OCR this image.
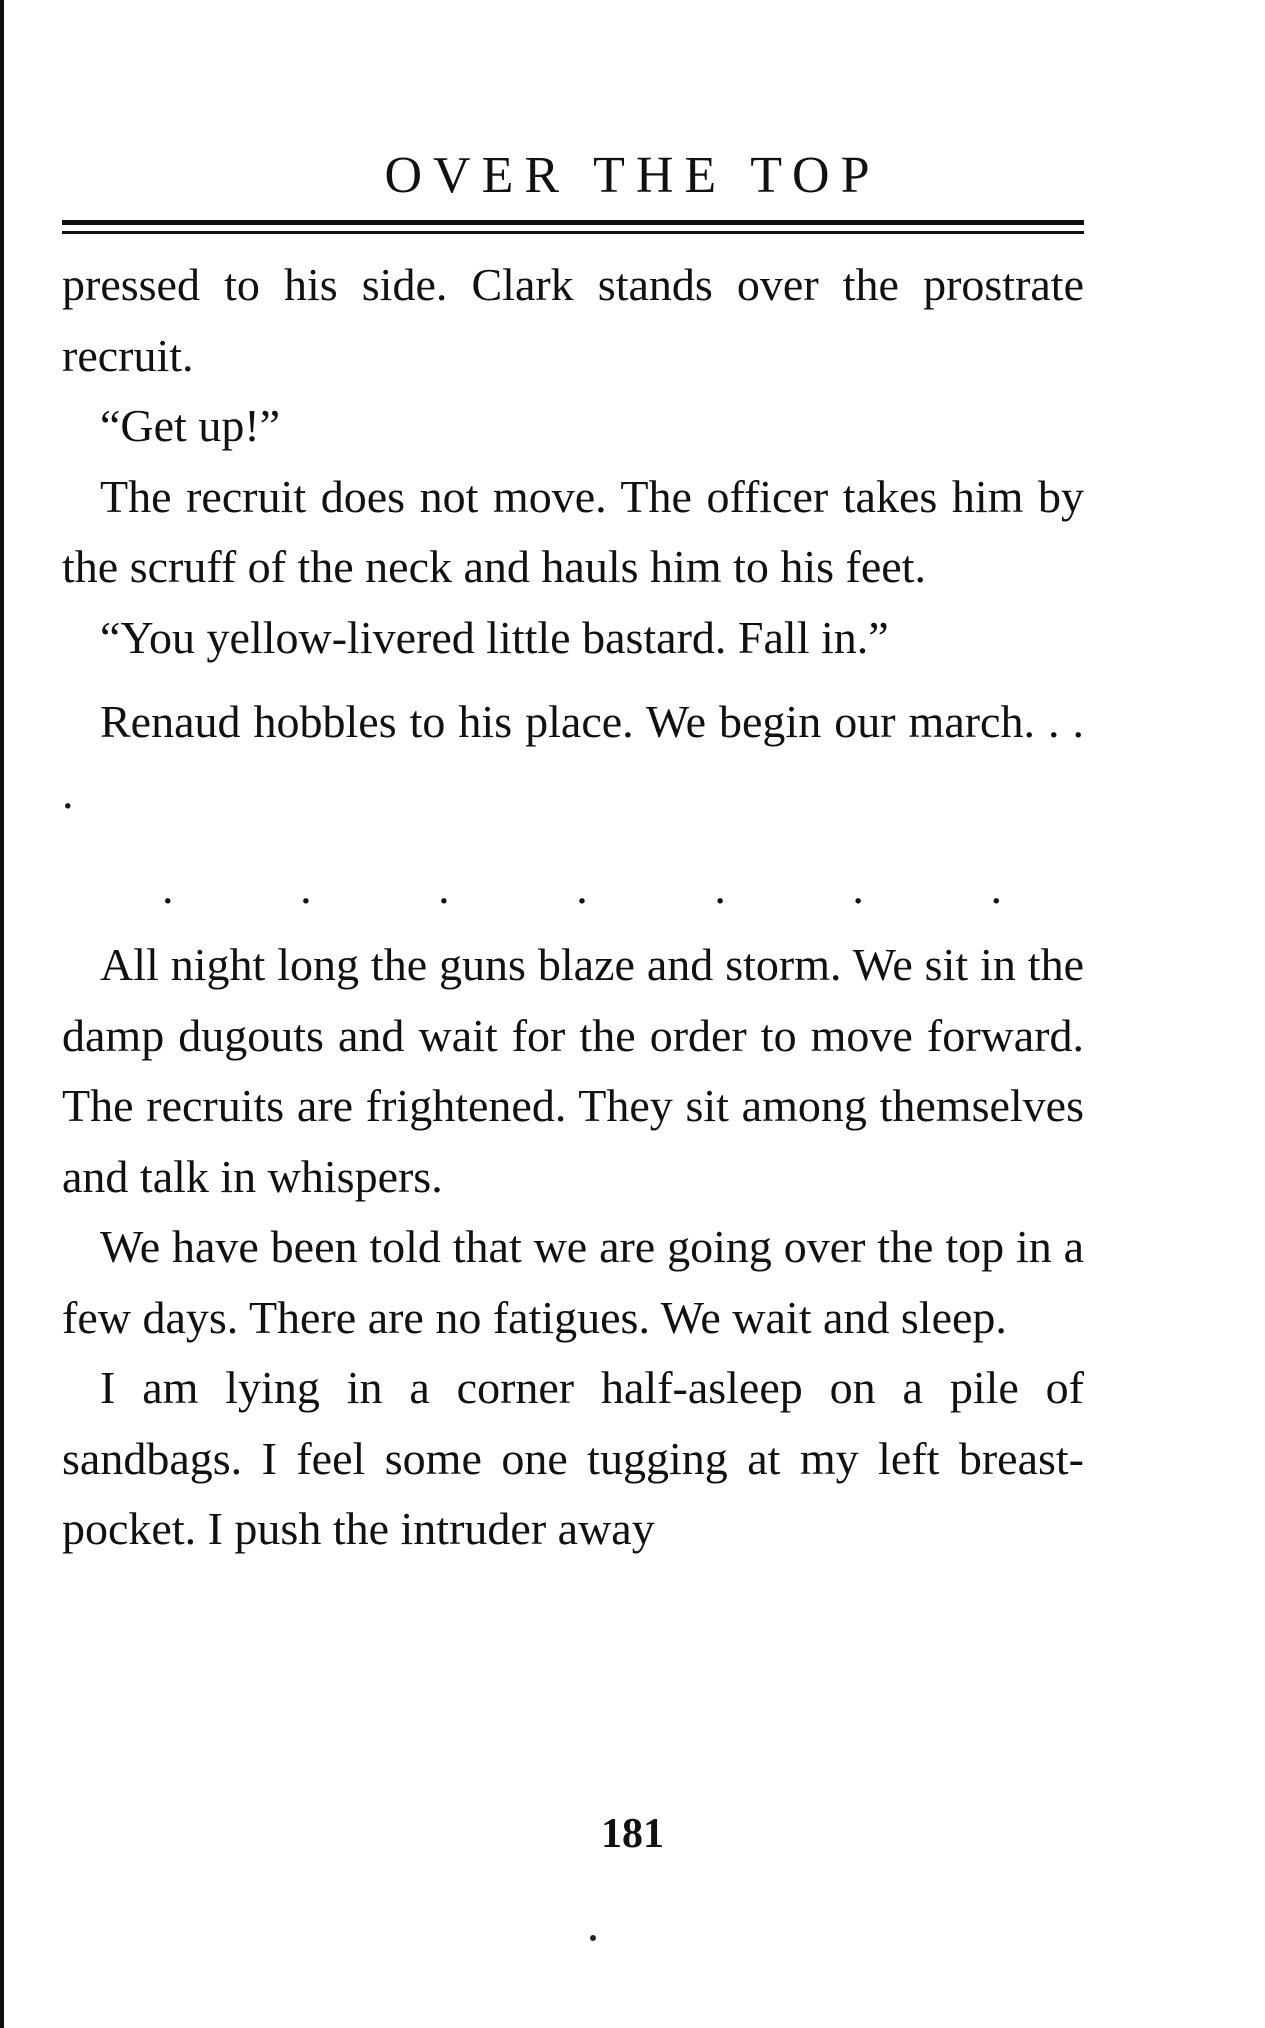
OVER THE TOP

pressed to his side. Clark stands over the prostrate recruit.

“Get up!”

The recruit does not move. The officer takes him by the scruff of the neck and hauls him to his feet.

“You yellow-livered little bastard. Fall in.”

Renaud hobbles to his place. We begin our march. . . .

.	.	.	.	.	.	.

All night long the guns blaze and storm. We sit in the damp dugouts and wait for the order to move forward. The recruits are frightened. They sit among themselves and talk in whispers.

We have been told that we are going over the top in a few days. There are no fatigues. We wait and sleep.

I am lying in a corner half-asleep on a pile of sandbags. I feel some one tugging at my left breast-pocket. I push the intruder away

181
